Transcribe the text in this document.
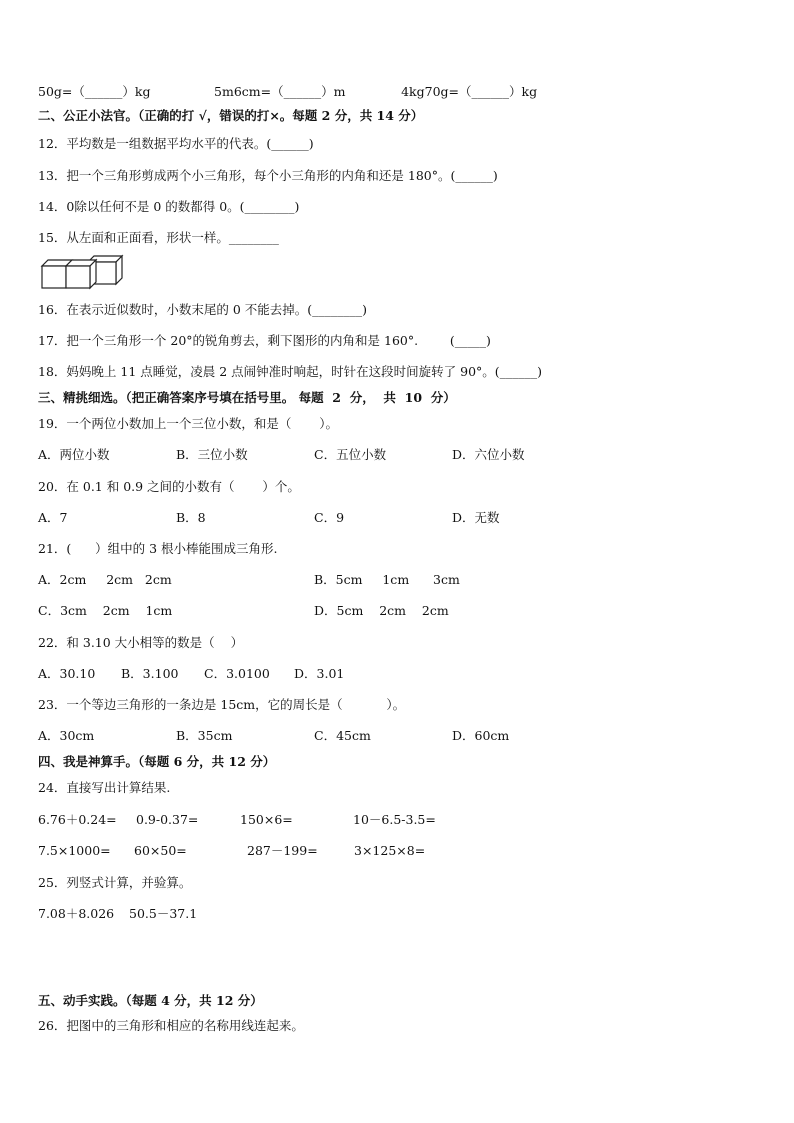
50g=（______）kg                5m6cm=（______）m              4kg70g=（______）kg
二、公正小法官。（正确的打 √，错误的打×。每题 2 分，共 14 分）
12．平均数是一组数据平均水平的代表。(______)
13．把一个三角形剪成两个小三角形，每个小三角形的内角和还是 180°。(______)
14．0除以任何不是 0 的数都得 0。(________)
15．从左面和正面看，形状一样。________
16．在表示近似数时，小数末尾的 0 不能去掉。(________)
17．把一个三角形一个 20°的锐角剪去，剩下图形的内角和是 160°.        (_____)
18．妈妈晚上 11 点睡觉，凌晨 2 点闹钟准时响起，时针在这段时间旋转了 90°。(______)
三、精挑细选。（把正确答案序号填在括号里。 每题  2  分，  共  10  分）
19．一个两位小数加上一个三位小数，和是（       ）。
A．两位小数	B．三位小数	C．五位小数	D．六位小数
20．在 0.1 和 0.9 之间的小数有（       ）个。
A．7	B．8	C．9	D．无数
21．(      ）组中的 3 根小棒能围成三角形.
A．2cm     2cm   2cm	B．5cm     1cm      3cm
C．3cm    2cm    1cm	D．5cm    2cm    2cm
22．和 3.10 大小相等的数是（    ）
A．30.10 B．3.100 C．3.0100 D．3.01
23．一个等边三角形的一条边是 15cm，它的周长是（           ）。
A．30cm	B．35cm	C．45cm	D．60cm
四、我是神算手。（每题 6 分，共 12 分）
24．直接写出计算结果.
6.76＋0.24= 0.9-0.37=	150×6=	10－6.5-3.5=
7.5×1000= 60×50=	287－199=	3×125×8=
25．列竖式计算，并验算。
7.08＋8.026 50.5－37.1
五、动手实践。（每题 4 分，共 12 分）
26．把图中的三角形和相应的名称用线连起来。
